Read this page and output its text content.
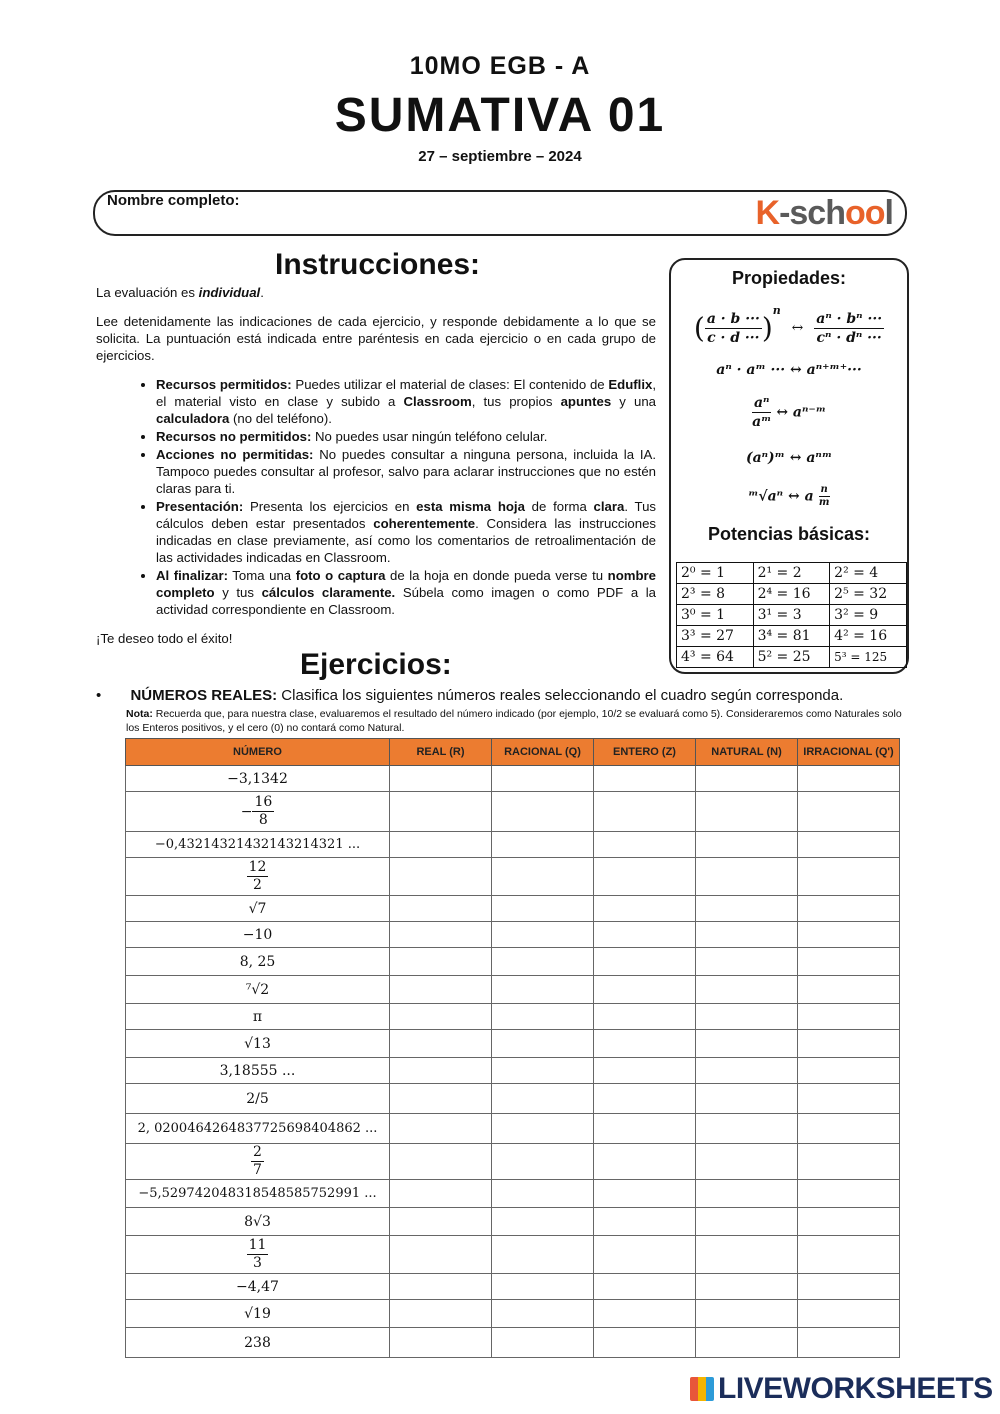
10MO EGB - A
SUMATIVA 01
27 – septiembre – 2024
Nombre completo:	K-school
Instrucciones:

La evaluación es individual.

Lee detenidamente las indicaciones de cada ejercicio, y responde debidamente a lo que se solicita. La puntuación está indicada entre paréntesis en cada ejercicio o en cada grupo de ejercicios.

• Recursos permitidos: Puedes utilizar el material de clases: El contenido de Eduflix, el material visto en clase y subido a Classroom, tus propios apuntes y una calculadora (no del teléfono).
• Recursos no permitidos: No puedes usar ningún teléfono celular.
• Acciones no permitidas: No puedes consultar a ninguna persona, incluida la IA. Tampoco puedes consultar al profesor, salvo para aclarar instrucciones que no estén claras para ti.
• Presentación: Presenta los ejercicios en esta misma hoja de forma clara. Tus cálculos deben estar presentados coherentemente. Considera las instrucciones indicadas en clase previamente, así como los comentarios de retroalimentación de las actividades indicadas en Classroom.
• Al finalizar: Toma una foto o captura de la hoja en donde pueda verse tu nombre completo y tus cálculos claramente. Súbela como imagen o como PDF a la actividad correspondiente en Classroom.

¡Te deseo todo el éxito!

Propiedades:
( $\frac{a \cdot b \cdot\cdot\cdot}{c \cdot d \cdot\cdot\cdot} )^n$ ↔ $\frac{\text{aⁿ · bⁿ ···}}{\text{cⁿ · dⁿ ···}}$
aⁿ · aᵐ ··· ↔ aⁿ⁺ᵐ⁺···
$\frac{\text{aⁿ}}{\text{aᵐ}}$ ↔ aⁿ⁻ᵐ
(aⁿ)ᵐ ↔ aⁿᵐ
ᵐ√aⁿ ↔ a $\frac{n}{m}$
Potencias básicas:
2⁰ = 1	2¹ = 2	2² = 4
2³ = 8	2⁴ = 16	2⁵ = 32
3⁰ = 1	3¹ = 3	3² = 9
3³ = 27	3⁴ = 81	4² = 16
4³ = 64	5² = 25	5³ = 125
Ejercicios:
•       NÚMEROS REALES: Clasifica los siguientes números reales seleccionando el cuadro según corresponda.
Nota: Recuerda que, para nuestra clase, evaluaremos el resultado del número indicado (por ejemplo, 10/2 se evaluará como 5). Consideraremos como Naturales solo los Enteros positivos, y el cero (0) no contará como Natural.
NÚMERO	REAL (R)	RACIONAL (Q)	ENTERO (Z)	NATURAL (N)	IRRACIONAL (Q')
−3,1342					
− $\frac{16}{8}$

−0,43214321432143214321 ...					

$\frac{12}{2}$

√7					
−10					
8, 25					
⁷√2					
π					
√13					
3,18555 ...					
2/5					
2, 02004642648377256984048​62 ...					

$\frac{2}{7}$

−5,5297420483185485857529​91 ...					
8√3					

$\frac{11}{3}$

−4,47					
√19					
238					
LIVEWORKSHEETS
